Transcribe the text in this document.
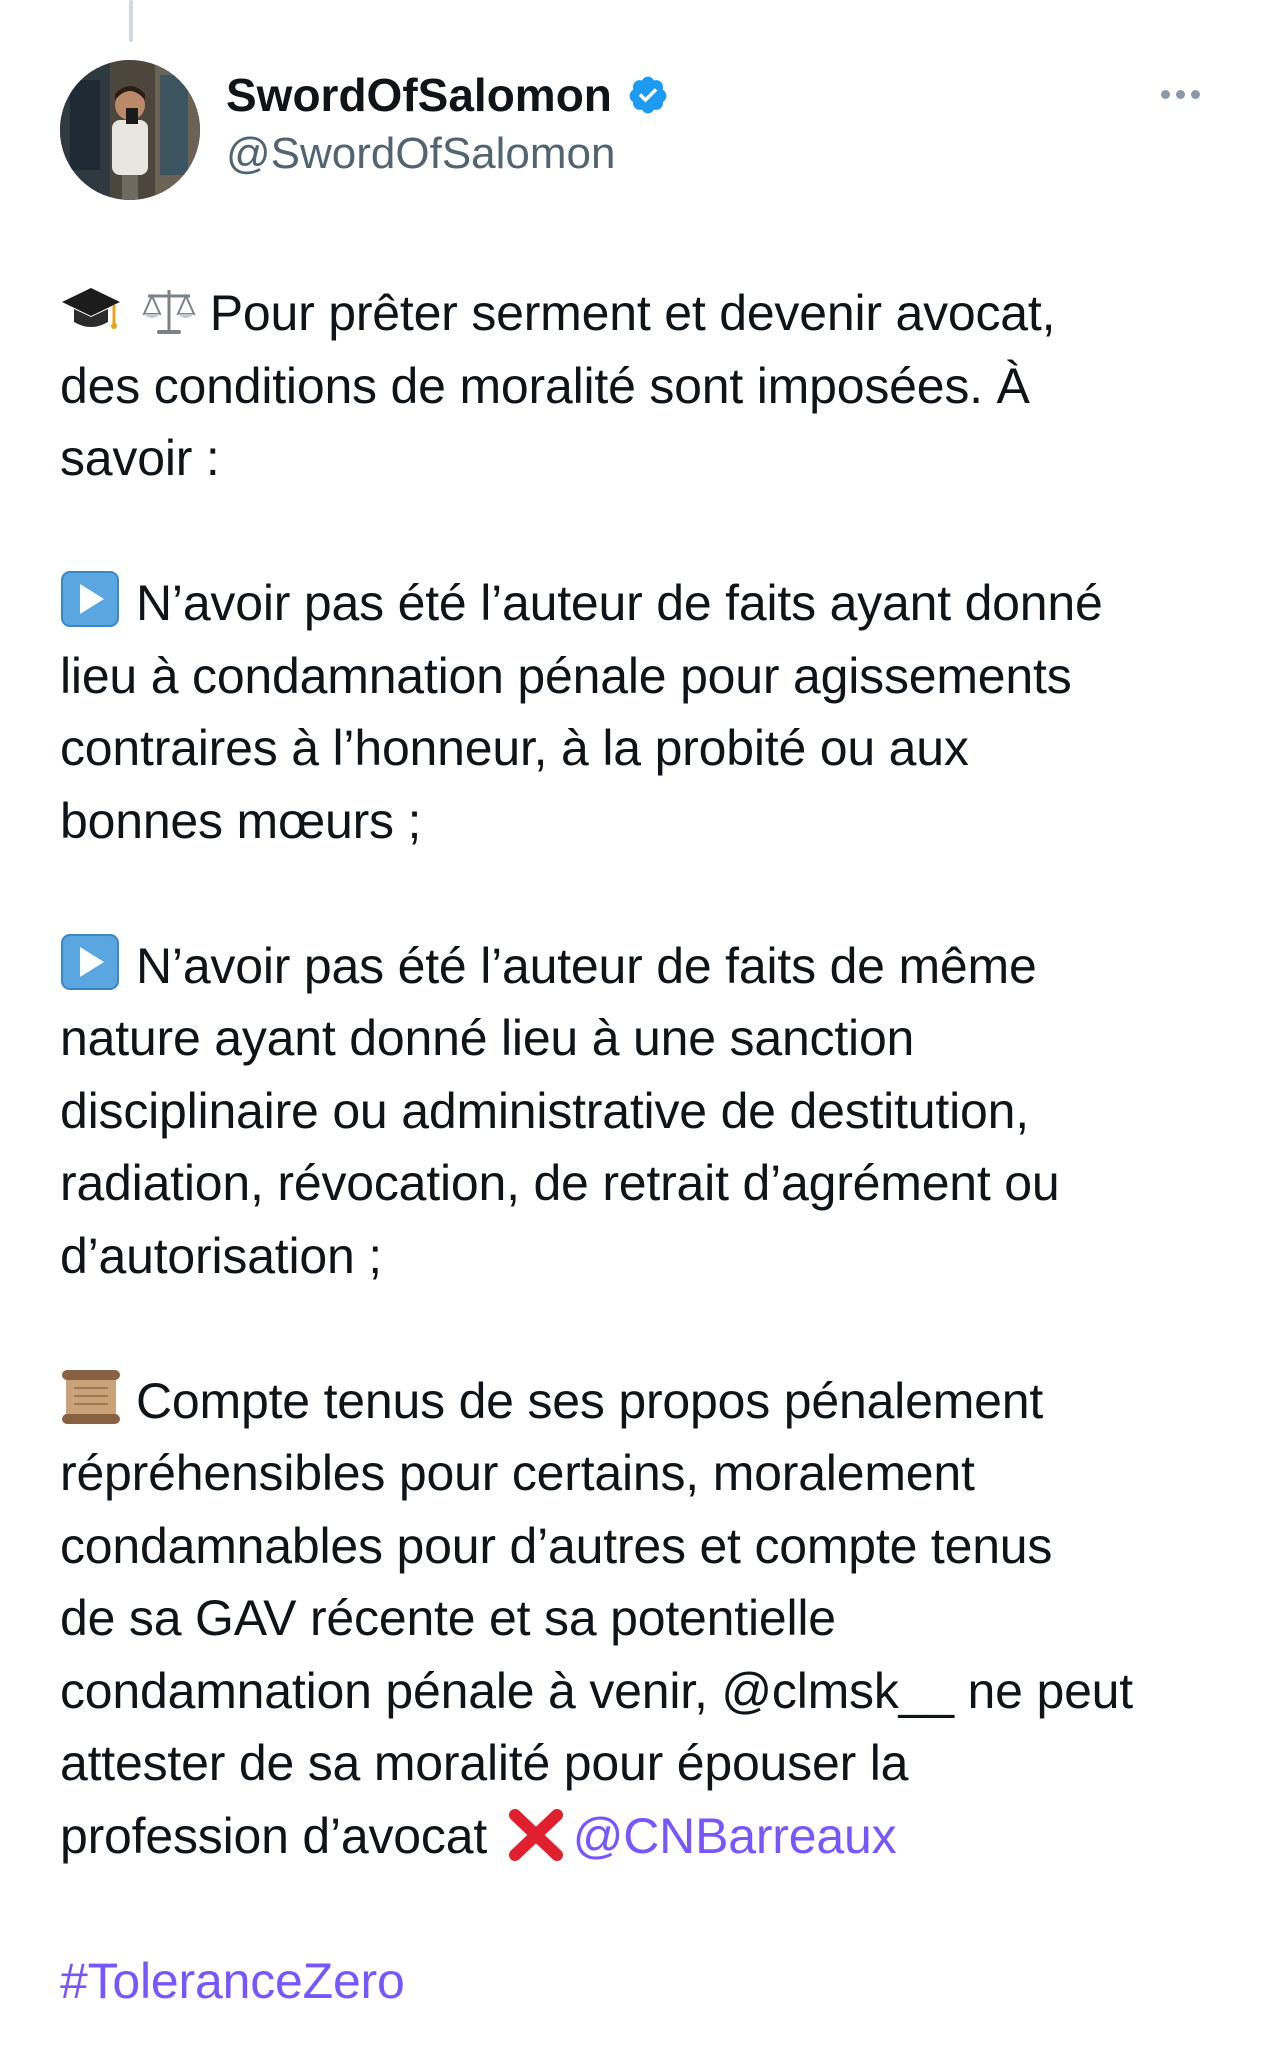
SwordOfSalomon
@SwordOfSalomon
Pour prêter serment et devenir avocat,
des conditions de moralité sont imposées. À
savoir :
N’avoir pas été l’auteur de faits ayant donné
lieu à condamnation pénale pour agissements
contraires à l’honneur, à la probité ou aux
bonnes mœurs ;
N’avoir pas été l’auteur de faits de même
nature ayant donné lieu à une sanction
disciplinaire ou administrative de destitution,
radiation, révocation, de retrait d’agrément ou
d’autorisation ;
Compte tenus de ses propos pénalement
répréhensibles pour certains, moralement
condamnables pour d’autres et compte tenus
de sa GAV récente et sa potentielle
condamnation pénale à venir, @clmsk__ ne peut
attester de sa moralité pour épouser la
profession d’avocat @CNBarreaux
#ToleranceZero
